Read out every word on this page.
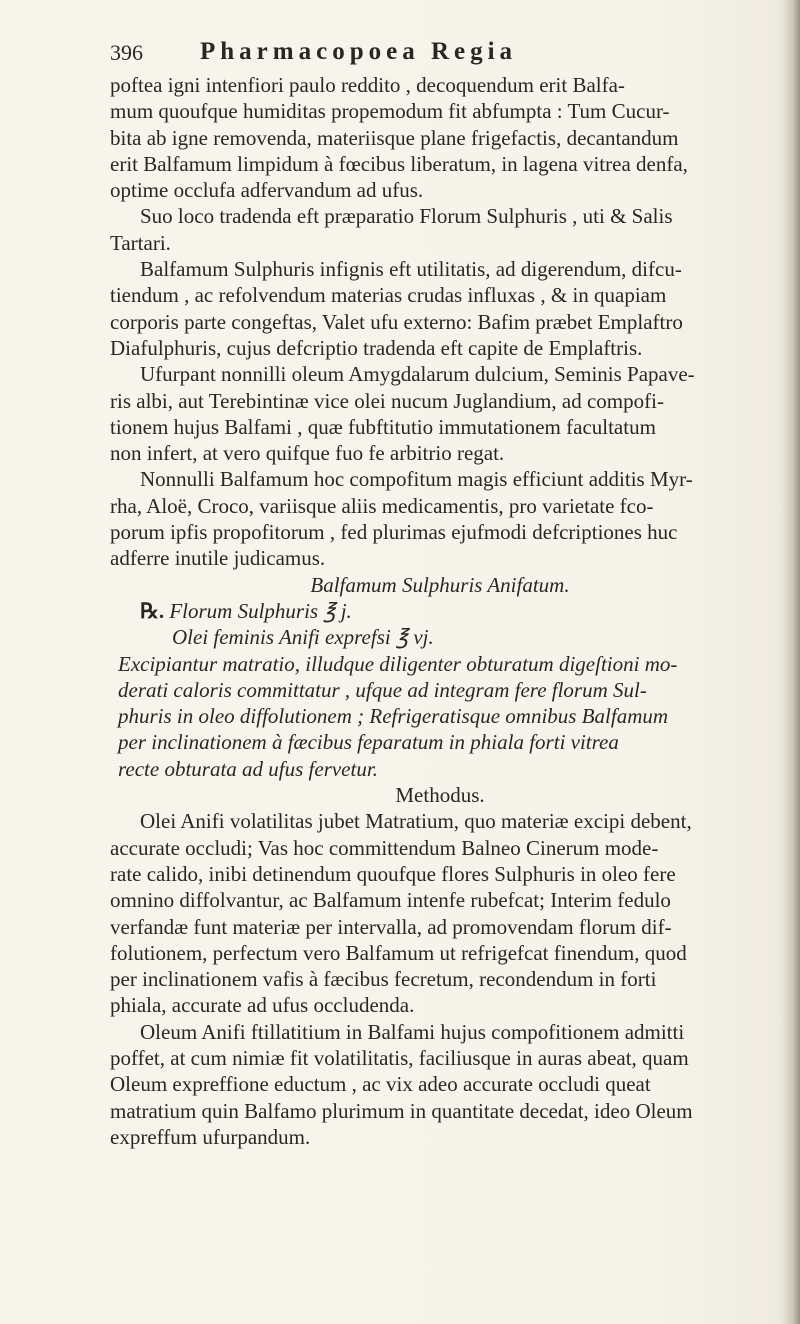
396 Pharmacopoea Regia
poftea igni intenfiori paulo reddito , decoquendum erit Balfa-
mum quoufque humiditas propemodum fit abfumpta : Tum Cucur-
bita ab igne removenda, materiisque plane frigefactis, decantandum
erit Balfamum limpidum à fœcibus liberatum, in lagena vitrea denfa,
optime occlufa adfervandum ad ufus.
Suo loco tradenda eft præparatio Florum Sulphuris , uti & Salis
Tartari.
Balfamum Sulphuris infignis eft utilitatis, ad digerendum, difcu-
tiendum , ac refolvendum materias crudas influxas , & in quapiam
corporis parte congeftas, Valet ufu externo: Bafim præbet Emplaftro
Diafulphuris, cujus defcriptio tradenda eft capite de Emplaftris.
Ufurpant nonnilli oleum Amygdalarum dulcium, Seminis Papave-
ris albi, aut Terebintinæ vice olei nucum Juglandium, ad compofi-
tionem hujus Balfami , quæ fubftitutio immutationem facultatum
non infert, at vero quifque fuo fe arbitrio regat.
Nonnulli Balfamum hoc compofitum magis efficiunt additis Myr-
rha, Aloë, Croco, variisque aliis medicamentis, pro varietate fco-
porum ipfis propofitorum , fed plurimas ejufmodi defcriptiones huc
adferre inutile judicamus.
Balfamum Sulphuris Anifatum.
℞. Florum Sulphuris ℥ j.
Olei feminis Anifi exprefsi ℥ vj.
Excipiantur matratio, illudque diligenter obturatum digeſtioni mo-
derati caloris committatur , ufque ad integram fere florum Sul-
phuris in oleo diffolutionem ; Refrigeratisque omnibus Balfamum
per inclinationem à fæcibus feparatum in phiala forti vitrea
recte obturata ad ufus fervetur.
Methodus.
Olei Anifi volatilitas jubet Matratium, quo materiæ excipi debent,
accurate occludi; Vas hoc committendum Balneo Cinerum mode-
rate calido, inibi detinendum quoufque flores Sulphuris in oleo fere
omnino diffolvantur, ac Balfamum intenfe rubefcat; Interim fedulo
verfandæ funt materiæ per intervalla, ad promovendam florum dif-
folutionem, perfectum vero Balfamum ut refrigefcat finendum, quod
per inclinationem vafis à fæcibus fecretum, recondendum in forti
phiala, accurate ad ufus occludenda.
Oleum Anifi ftillatitium in Balfami hujus compofitionem admitti
poffet, at cum nimiæ fit volatilitatis, faciliusque in auras abeat, quam
Oleum expreffione eductum , ac vix adeo accurate occludi queat
matratium quin Balfamo plurimum in quantitate decedat, ideo Oleum
expreffum ufurpandum.
